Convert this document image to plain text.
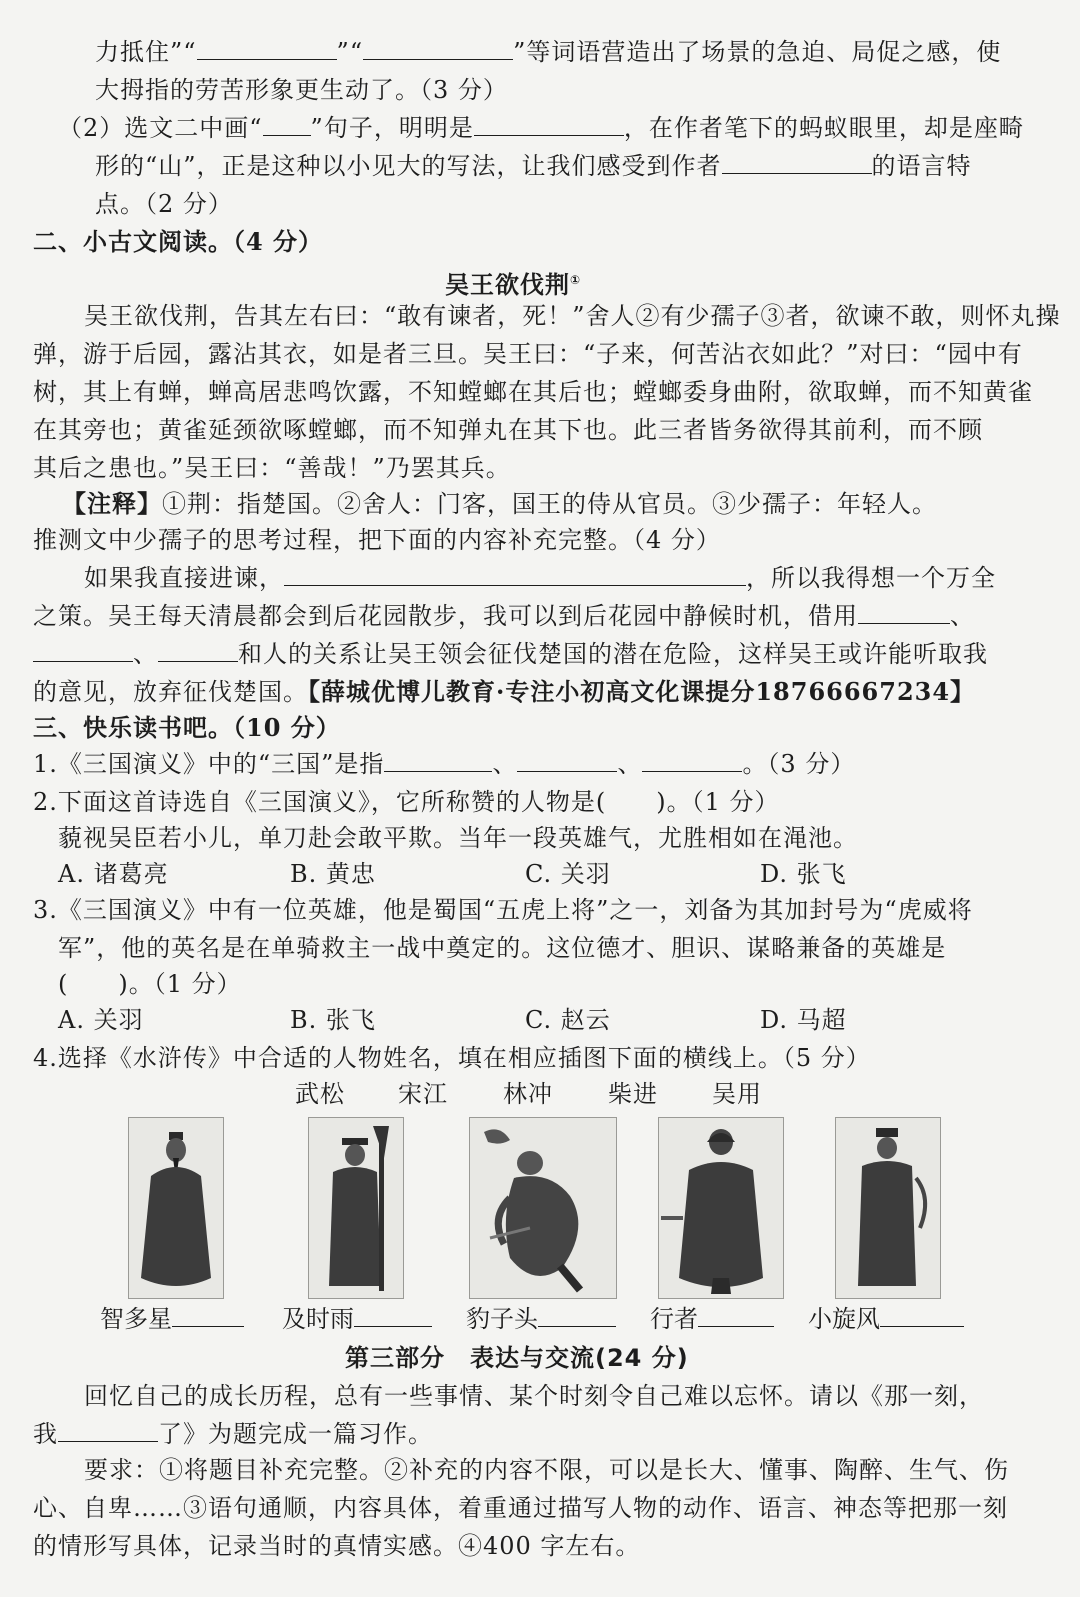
力抵住”“	”“	”等词语营造出了场景的急迫、局促之感，使
大拇指的劳苦形象更生动了。（3 分）
（2）选文二中画“ ”句子，明明是	，在作者笔下的蚂蚁眼里，却是座畸
形的“山”，正是这种以小见大的写法，让我们感受到作者	的语言特
点。（2 分）
二、小古文阅读。（4 分）
吴王欲伐荆①
吴王欲伐荆，告其左右曰：“敢有谏者，死！”舍人②有少孺子③者，欲谏不敢，则怀丸操
弹，游于后园，露沾其衣，如是者三旦。吴王曰：“子来，何苦沾衣如此？”对曰：“园中有
树，其上有蝉，蝉高居悲鸣饮露，不知螳螂在其后也；螳螂委身曲附，欲取蝉，而不知黄雀
在其旁也；黄雀延颈欲啄螳螂，而不知弹丸在其下也。此三者皆务欲得其前利，而不顾
其后之患也。”吴王曰：“善哉！”乃罢其兵。
【注释】①荆：指楚国。②舍人：门客，国王的侍从官员。③少孺子：年轻人。
推测文中少孺子的思考过程，把下面的内容补充完整。（4 分）
如果我直接进谏，	，所以我得想一个万全
之策。吴王每天清晨都会到后花园散步，我可以到后花园中静候时机，借用	、
、	和人的关系让吴王领会征伐楚国的潜在危险，这样吴王或许能听取我
的意见，放弃征伐楚国。【薛城优博儿教育·专注小初高文化课提分18766667234】
三、快乐读书吧。（10 分）
1.《三国演义》中的“三国”是指	、	、	。（3 分）
2.下面这首诗选自《三国演义》，它所称赞的人物是(　　)。（1 分）
藐视吴臣若小儿，单刀赴会敢平欺。当年一段英雄气，尤胜相如在渑池。
A. 诸葛亮	B. 黄忠	C. 关羽	D. 张飞
3.《三国演义》中有一位英雄，他是蜀国“五虎上将”之一，刘备为其加封号为“虎威将
军”，他的英名是在单骑救主一战中奠定的。这位德才、胆识、谋略兼备的英雄是
(　　)。（1 分）
A. 关羽	B. 张飞	C. 赵云	D. 马超
4.选择《水浒传》中合适的人物姓名，填在相应插图下面的横线上。（5 分）
武松 宋江 林冲 柴进 吴用
智多星	及时雨	豹子头	行者	小旋风
第三部分　表达与交流(24 分)
回忆自己的成长历程，总有一些事情、某个时刻令自己难以忘怀。请以《那一刻，
我	了》为题完成一篇习作。
要求：①将题目补充完整。②补充的内容不限，可以是长大、懂事、陶醉、生气、伤
心、自卑……③语句通顺，内容具体，着重通过描写人物的动作、语言、神态等把那一刻
的情形写具体，记录当时的真情实感。④400 字左右。
